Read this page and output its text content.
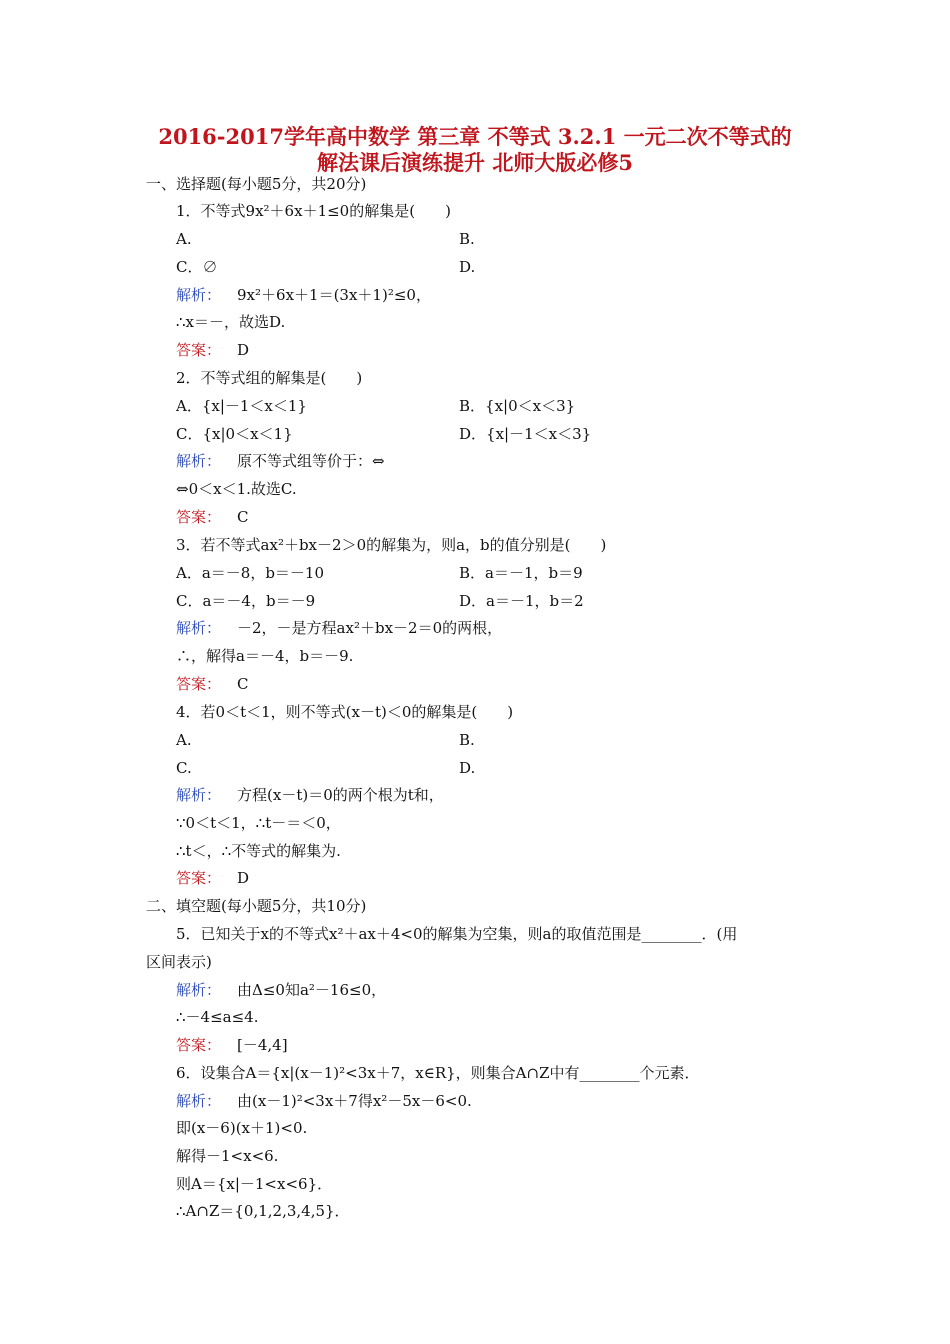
2016-2017学年高中数学 第三章 不等式 3.2.1 一元二次不等式的
解法课后演练提升 北师大版必修5
一、选择题(每小题5分，共20分)
1．不等式9x²＋6x＋1≤0的解集是(　　)
A.	B.
C．∅	D.
解析： 9x²＋6x＋1＝(3x＋1)²≤0，
∴x＝－，故选D.
答案： D
2．不等式组的解集是(　　)
A．{x|－1＜x＜1}	B．{x|0＜x＜3}
C．{x|0＜x＜1}	D．{x|－1＜x＜3}
解析： 原不等式组等价于：⇔
⇔0＜x＜1.故选C.
答案： C
3．若不等式ax²＋bx－2＞0的解集为，则a，b的值分别是(　　)
A．a＝－8，b＝－10	B．a＝－1，b＝9
C．a＝－4，b＝－9	D．a＝－1，b＝2
解析： －2，－是方程ax²＋bx－2＝0的两根，
∴，解得a＝－4，b＝－9.
答案： C
4．若0＜t＜1，则不等式(x－t)＜0的解集是(　　)
A.	B.
C.	D.
解析： 方程(x－t)＝0的两个根为t和，
∵0＜t＜1，∴t－＝＜0，
∴t＜，∴不等式的解集为.
答案： D
二、填空题(每小题5分，共10分)
5．已知关于x的不等式x²＋ax＋4<0的解集为空集，则a的取值范围是________．(用
区间表示)
解析： 由Δ≤0知a²－16≤0，
∴－4≤a≤4.
答案： [－4,4]
6．设集合A＝{x|(x－1)²<3x＋7，x∈R}，则集合A∩Z中有________个元素．
解析： 由(x－1)²<3x＋7得x²－5x－6<0.
即(x－6)(x＋1)<0.
解得－1<x<6.
则A＝{x|－1<x<6}．
∴A∩Z＝{0,1,2,3,4,5}．
